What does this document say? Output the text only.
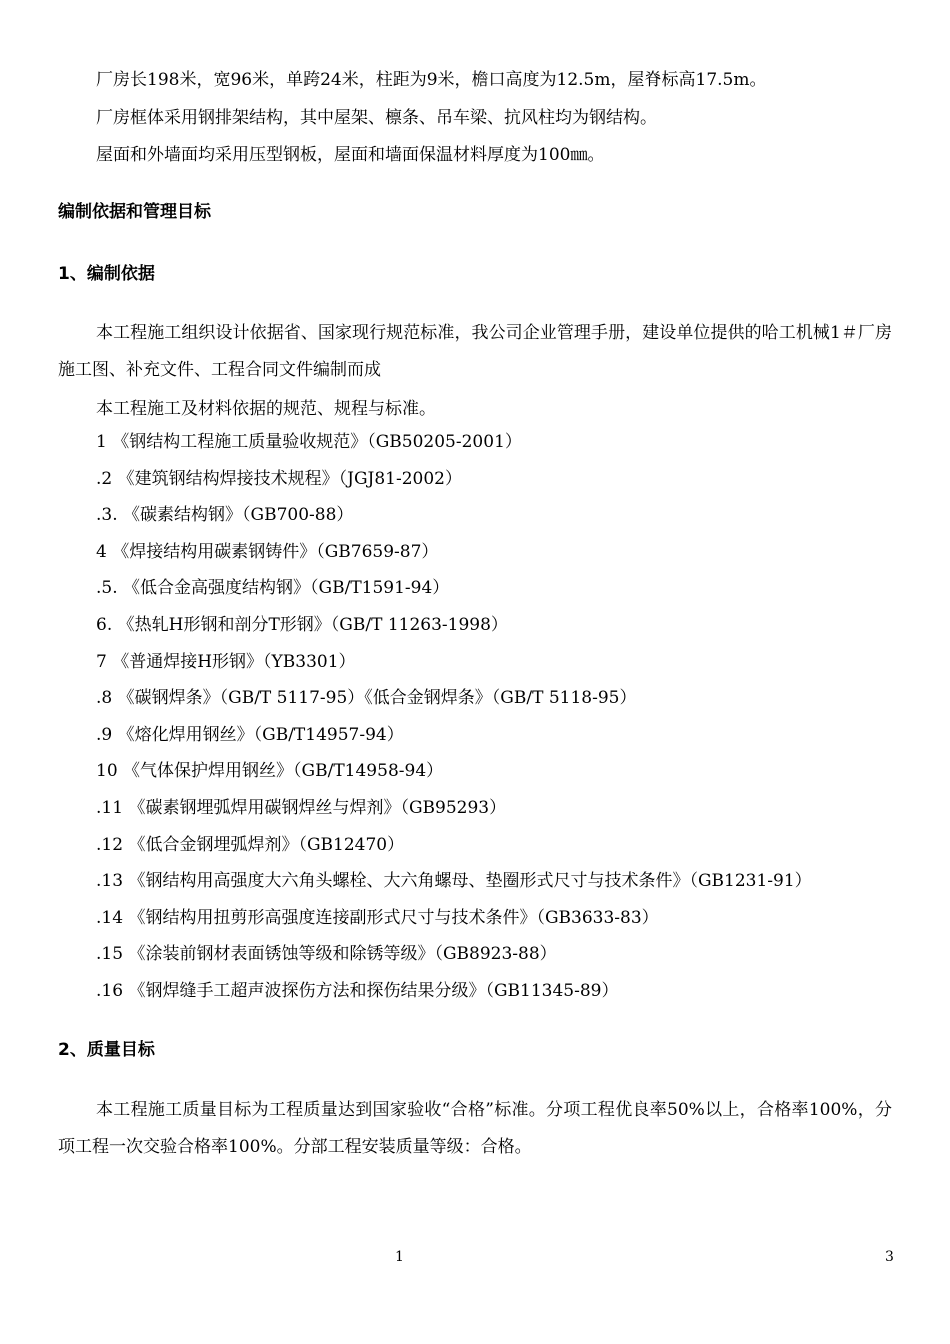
厂房长198米，宽96米，单跨24米，柱距为9米，檐口高度为12.5m，屋脊标高17.5m。
厂房框体采用钢排架结构，其中屋架、檩条、吊车梁、抗风柱均为钢结构。
屋面和外墙面均采用压型钢板，屋面和墙面保温材料厚度为100㎜。
编制依据和管理目标
1、编制依据
本工程施工组织设计依据省、国家现行规范标准，我公司企业管理手册，建设单位提供的哈工机械1＃厂房施工图、补充文件、工程合同文件编制而成
本工程施工及材料依据的规范、规程与标准。
1 《钢结构工程施工质量验收规范》（GB50205-2001）
.2 《建筑钢结构焊接技术规程》（JGJ81-2002）
.3. 《碳素结构钢》（GB700-88）
4 《焊接结构用碳素钢铸件》（GB7659-87）
.5. 《低合金高强度结构钢》（GB/T1591-94）
6. 《热轧H形钢和剖分T形钢》（GB/T 11263-1998）
7 《普通焊接H形钢》（YB3301）
.8 《碳钢焊条》（GB/T 5117-95）《低合金钢焊条》（GB/T 5118-95）
.9 《熔化焊用钢丝》（GB/T14957-94）
10 《气体保护焊用钢丝》（GB/T14958-94）
.11 《碳素钢埋弧焊用碳钢焊丝与焊剂》（GB95293）
.12 《低合金钢埋弧焊剂》（GB12470）
.13 《钢结构用高强度大六角头螺栓、大六角螺母、垫圈形式尺寸与技术条件》（GB1231-91）
.14 《钢结构用扭剪形高强度连接副形式尺寸与技术条件》（GB3633-83）
.15 《涂装前钢材表面锈蚀等级和除锈等级》（GB8923-88）
.16 《钢焊缝手工超声波探伤方法和探伤结果分级》（GB11345-89）
2、质量目标
本工程施工质量目标为工程质量达到国家验收“合格”标准。分项工程优良率50%以上，合格率100%，分项工程一次交验合格率100%。分部工程安装质量等级：合格。
1	3
